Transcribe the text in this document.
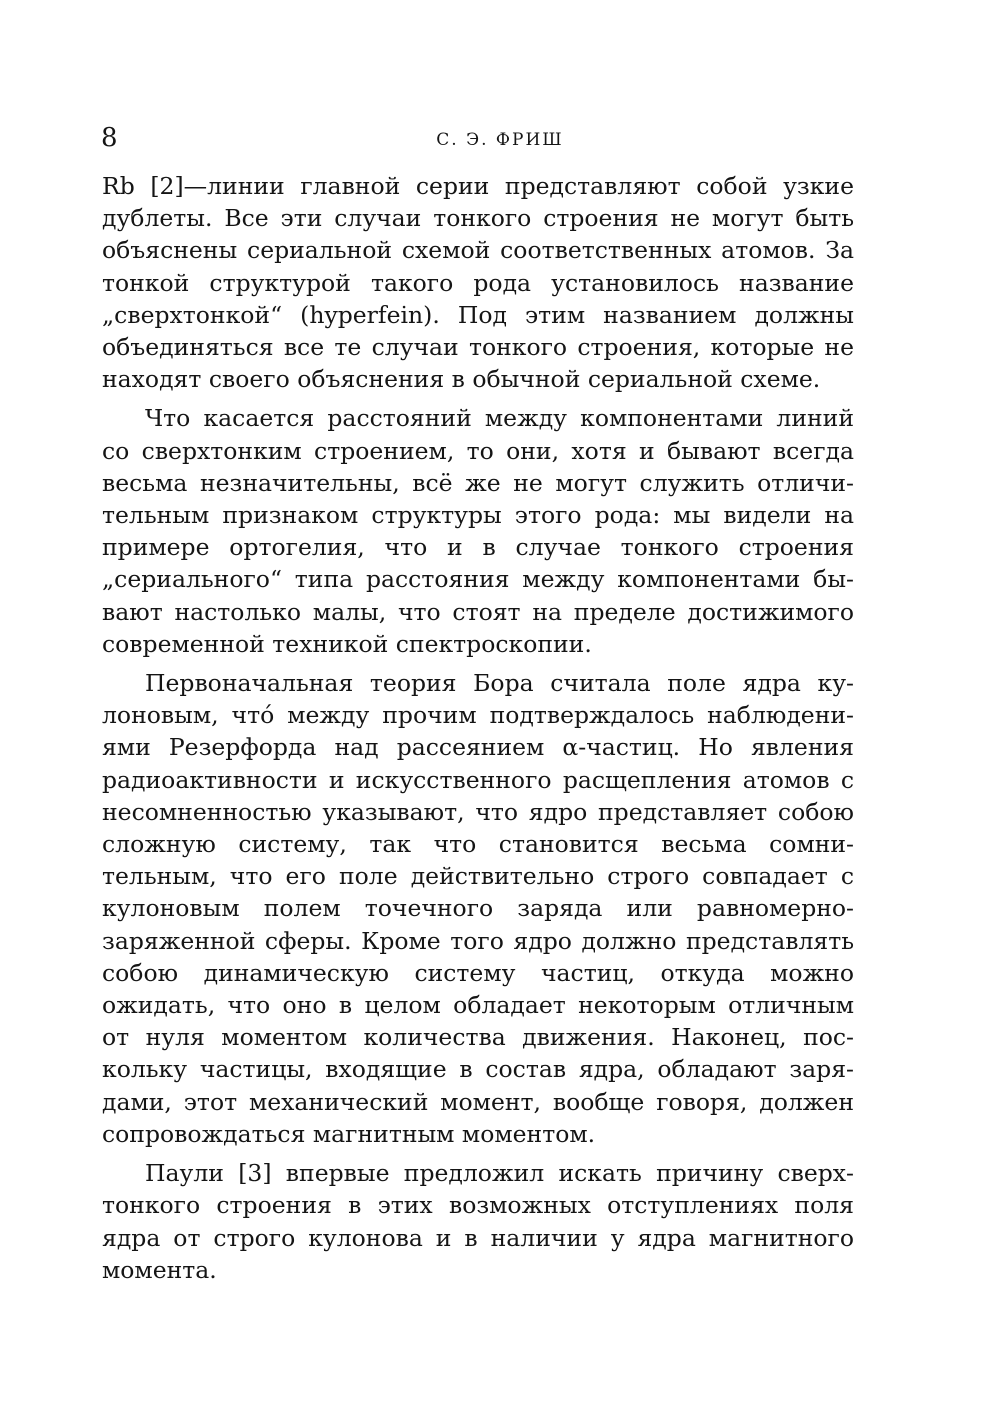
8	С. Э. ФРИШ

Rb [2]—линии главной серии представляют собой узкие дублеты. Все эти случаи тонкого строения не могут быть объяснены сериальной схемой соответственных атомов. За тонкой структурой такого рода установилось название „сверхтонкой“ (hyperfein). Под этим названием должны объединяться все те случаи тонкого строения, которые не находят своего объяснения в обычной сериальной схеме.

Что касается расстояний между компонентами линий со сверхтонким строением, то они, хотя и бывают всегда весьма незначительны, всё же не могут служить отличительным признаком структуры этого рода: мы видели на примере ортогелия, что и в случае тонкого строения „сериального“ типа расстояния между компонентами бывают настолько малы, что стоят на пределе достижимого современной техникой спектроскопии.

Первоначальная теория Бора считала поле ядра кулоновым, чтó между прочим подтверждалось наблюдениями Резерфорда над рассеянием α-частиц. Но явления радиоактивности и искусственного расщепления атомов с несомненностью указывают, что ядро представляет собою сложную систему, так что становится весьма сомнительным, что его поле действительно строго совпадает с кулоновым полем точечного заряда или равномерно-заряженной сферы. Кроме того ядро должно представлять собою динамическую систему частиц, откуда можно ожидать, что оно в целом обладает некоторым отличным от нуля моментом количества движения. Наконец, поскольку частицы, входящие в состав ядра, обладают зарядами, этот механический момент, вообще говоря, должен сопровождаться магнитным моментом.

Паули [3] впервые предложил искать причину сверхтонкого строения в этих возможных отступлениях поля ядра от строго кулонова и в наличии у ядра магнитного момента.
